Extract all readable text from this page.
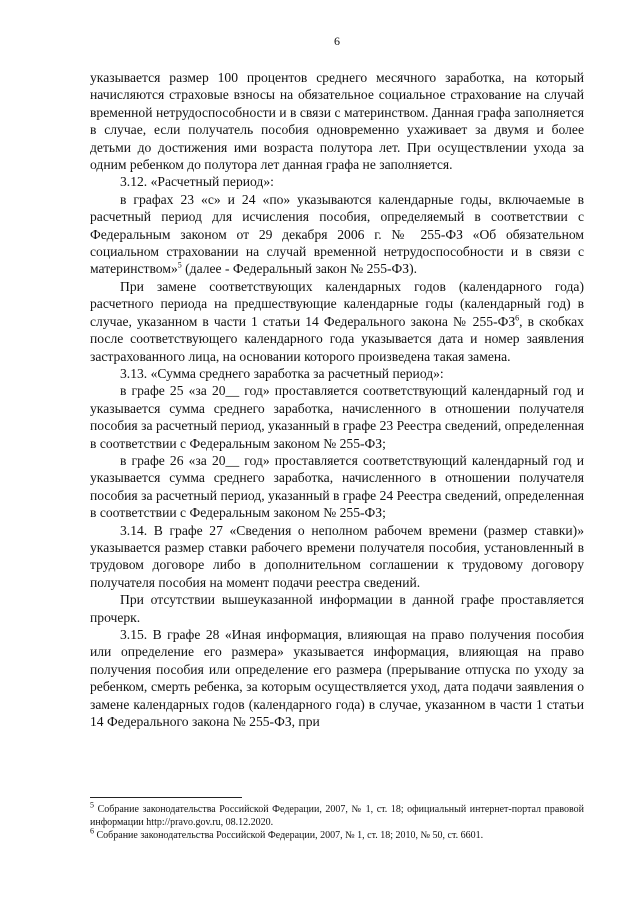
6

указывается размер 100 процентов среднего месячного заработка, на который начисляются страховые взносы на обязательное социальное страхование на случай временной нетрудоспособности и в связи с материнством. Данная графа заполняется в случае, если получатель пособия одновременно ухаживает за двумя и более детьми до достижения ими возраста полутора лет. При осуществлении ухода за одним ребенком до полутора лет данная графа не заполняется.

3.12. «Расчетный период»:

в графах 23 «с» и 24 «по» указываются календарные годы, включаемые в расчетный период для исчисления пособия, определяемый в соответствии с Федеральным законом от 29 декабря 2006 г. № 255-ФЗ «Об обязательном социальном страховании на случай временной нетрудоспособности и в связи с материнством»$^5$ (далее - Федеральный закон № 255-ФЗ).

При замене соответствующих календарных годов (календарного года) расчетного периода на предшествующие календарные годы (календарный год) в случае, указанном в части 1 статьи 14 Федерального закона № $255-ФЗ^6$, в скобках после соответствующего календарного года указывается дата и номер заявления застрахованного лица, на основании которого произведена такая замена.

3.13. «Сумма среднего заработка за расчетный период»:

в графе 25 «за 20__ год» проставляется соответствующий календарный год и указывается сумма среднего заработка, начисленного в отношении получателя пособия за расчетный период, указанный в графе 23 Реестра сведений, определенная в соответствии с Федеральным законом № 255-ФЗ;

в графе 26 «за 20__ год» проставляется соответствующий календарный год и указывается сумма среднего заработка, начисленного в отношении получателя пособия за расчетный период, указанный в графе 24 Реестра сведений, определенная в соответствии с Федеральным законом № 255-ФЗ;

3.14. В графе 27 «Сведения о неполном рабочем времени (размер ставки)» указывается размер ставки рабочего времени получателя пособия, установленный в трудовом договоре либо в дополнительном соглашении к трудовому договору получателя пособия на момент подачи реестра сведений.

При отсутствии вышеуказанной информации в данной графе проставляется прочерк.

3.15. В графе 28 «Иная информация, влияющая на право получения пособия или определение его размера» указывается информация, влияющая на право получения пособия или определение его размера (прерывание отпуска по уходу за ребенком, смерть ребенка, за которым осуществляется уход, дата подачи заявления о замене календарных годов (календарного года) в случае, указанном в части 1 статьи 14 Федерального закона № 255-ФЗ, при

$^5$ Собрание законодательства Российской Федерации, 2007, № 1, ст. 18; официальный интернет-портал правовой информации http://pravo.gov.ru, 08.12.2020.

$^6$ Собрание законодательства Российской Федерации, 2007, № 1, ст. 18; 2010, № 50, ст. 6601.
